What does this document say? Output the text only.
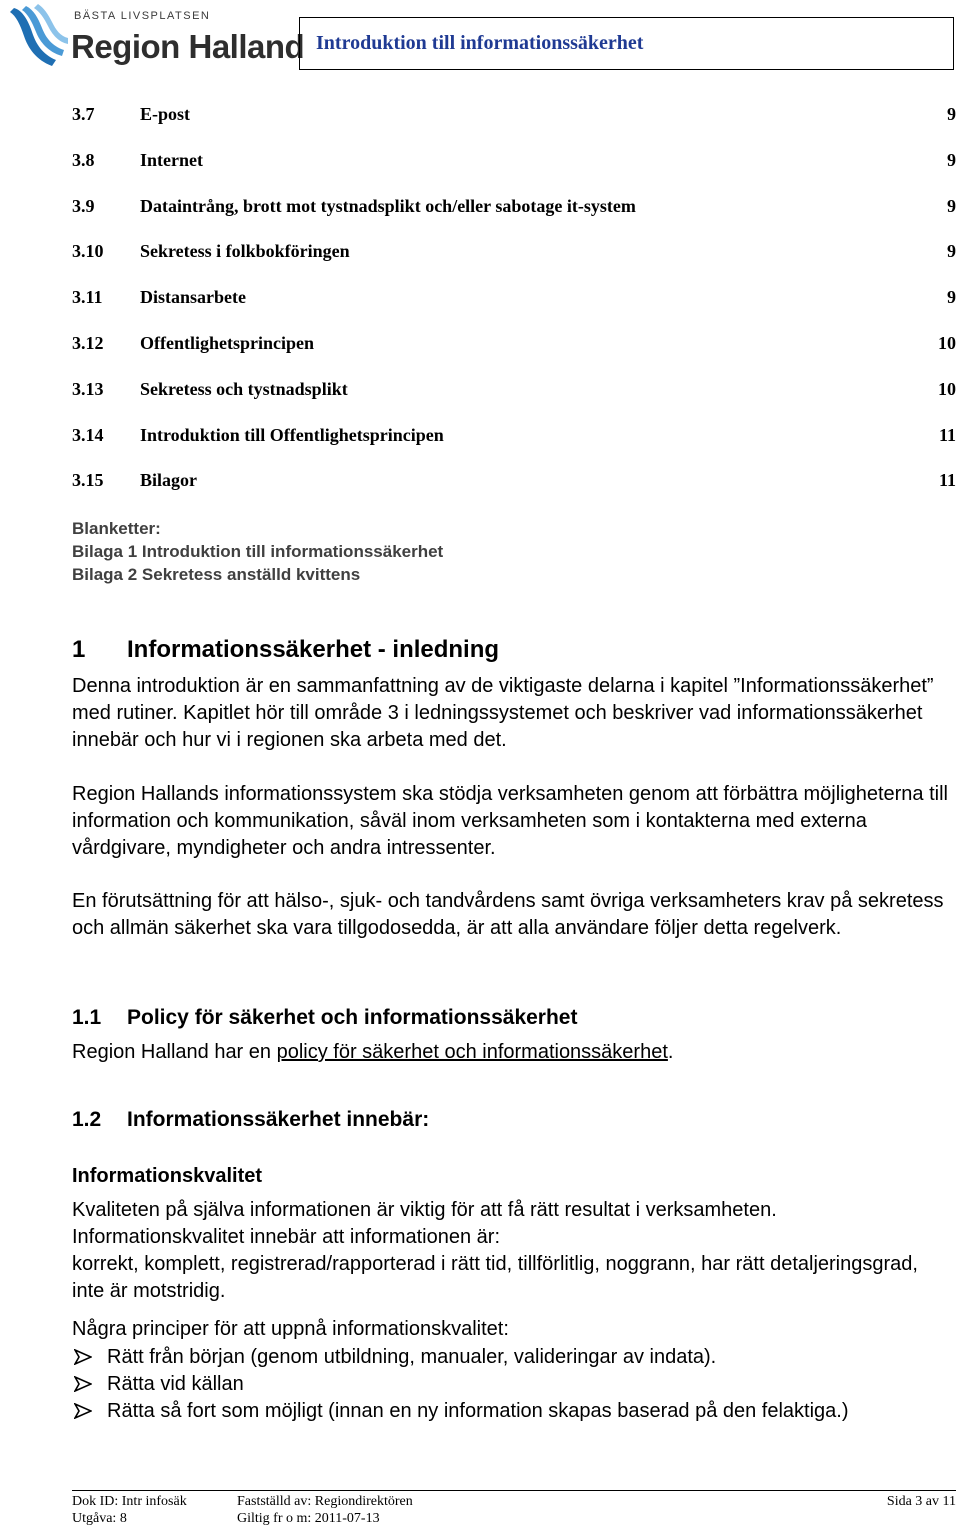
BÄSTA LIVSPLATSEN
Region Halland Introduktion till informationssäkerhet
3.7	E-post	9
3.8	Internet	9
3.9	Dataintrång, brott mot tystnadsplikt och/eller sabotage it-system	9
3.10 Sekretess i folkbokföringen	9
3.11 Distansarbete	9
3.12 Offentlighetsprincipen	10
3.13 Sekretess och tystnadsplikt	10
3.14 Introduktion till Offentlighetsprincipen	11
3.15 Bilagor	11
Blanketter:
Bilaga 1 Introduktion till informationssäkerhet
Bilaga 2 Sekretess anställd kvittens
1 Informationssäkerhet - inledning
Denna introduktion är en sammanfattning av de viktigaste delarna i kapitel ”Informationssäkerhet” med rutiner. Kapitlet hör till område 3 i ledningssystemet och beskriver vad informationssäkerhet innebär och hur vi i regionen ska arbeta med det.
Region Hallands informationssystem ska stödja verksamheten genom att förbättra möjligheterna till information och kommunikation, såväl inom verksamheten som i kontakterna med externa vårdgivare, myndigheter och andra intressenter.
En förutsättning för att hälso-, sjuk- och tandvårdens samt övriga verksamheters krav på sekretess och allmän säkerhet ska vara tillgodosedda, är att alla användare följer detta regelverk.
1.1 Policy för säkerhet och informationssäkerhet
Region Halland har en policy för säkerhet och informationssäkerhet.
1.2 Informationssäkerhet innebär:
Informationskvalitet
Kvaliteten på själva informationen är viktig för att få rätt resultat i verksamheten.
Informationskvalitet innebär att informationen är:
korrekt, komplett, registrerad/rapporterad i rätt tid, tillförlitlig, noggrann, har rätt detaljeringsgrad, inte är motstridig.
Några principer för att uppnå informationskvalitet:
Rätt från början (genom utbildning, manualer, valideringar av indata).
Rätta vid källan
Rätta så fort som möjligt (innan en ny information skapas baserad på den felaktiga.)
Dok ID: Intr infosäk
Utgåva: 8
Fastställd av: Regiondirektören
Giltig fr o m: 2011-07-13
Sida 3 av 11
